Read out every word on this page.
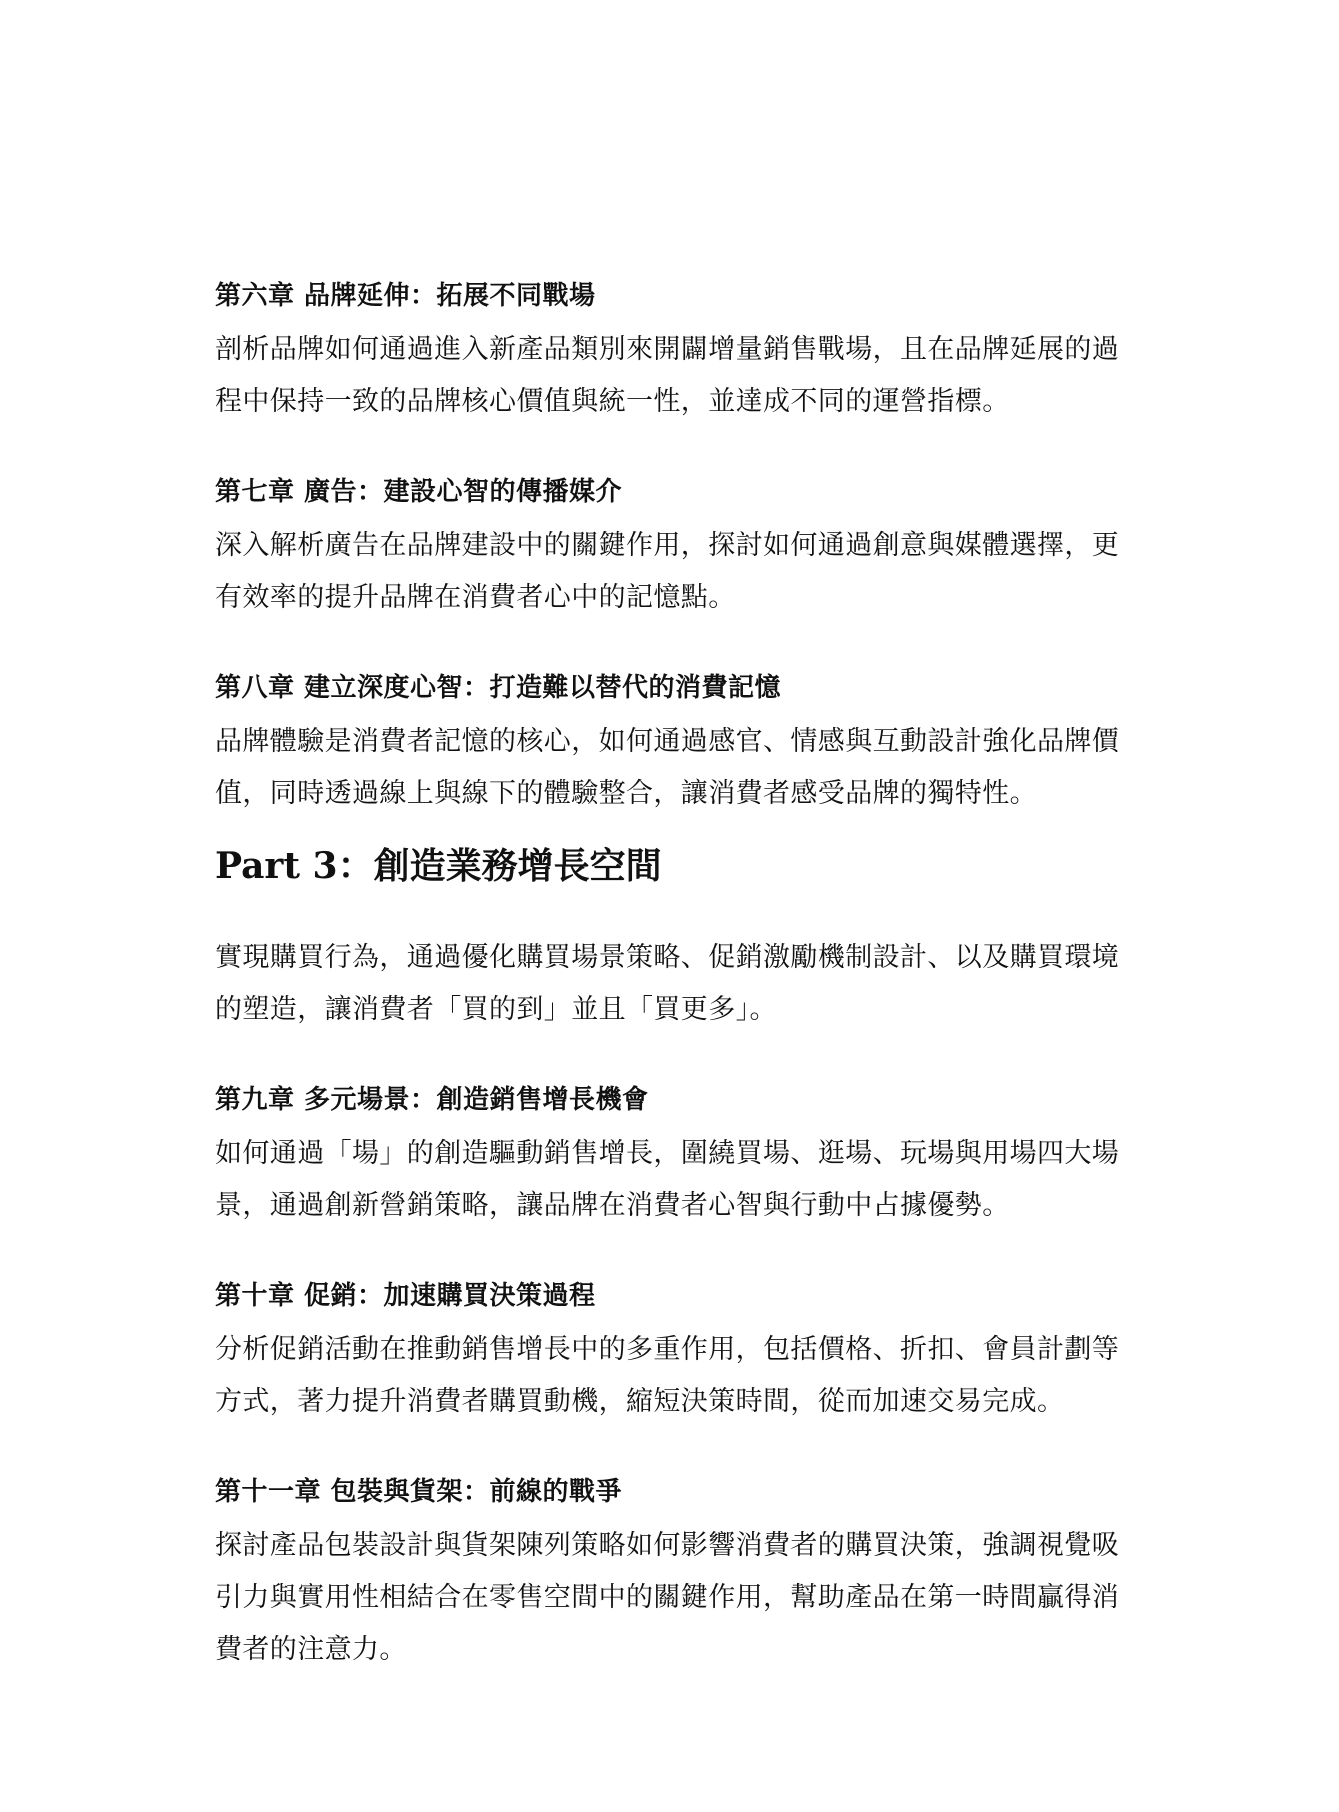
第六章 品牌延伸：拓展不同戰場

剖析品牌如何通過進入新產品類別來開闢增量銷售戰場，且在品牌延展的過程中保持一致的品牌核心價值與統一性，並達成不同的運營指標。

第七章 廣告：建設心智的傳播媒介

深入解析廣告在品牌建設中的關鍵作用，探討如何通過創意與媒體選擇，更有效率的提升品牌在消費者心中的記憶點。

第八章 建立深度心智：打造難以替代的消費記憶

品牌體驗是消費者記憶的核心，如何通過感官、情感與互動設計強化品牌價值，同時透過線上與線下的體驗整合，讓消費者感受品牌的獨特性。

Part 3：創造業務增長空間

實現購買行為，通過優化購買場景策略、促銷激勵機制設計、以及購買環境的塑造，讓消費者「買的到」並且「買更多」。

第九章 多元場景：創造銷售增長機會

如何通過「場」的創造驅動銷售增長，圍繞買場、逛場、玩場與用場四大場景，通過創新營銷策略，讓品牌在消費者心智與行動中占據優勢。

第十章 促銷：加速購買決策過程

分析促銷活動在推動銷售增長中的多重作用，包括價格、折扣、會員計劃等方式，著力提升消費者購買動機，縮短決策時間，從而加速交易完成。

第十一章 包裝與貨架：前線的戰爭

探討產品包裝設計與貨架陳列策略如何影響消費者的購買決策，強調視覺吸引力與實用性相結合在零售空間中的關鍵作用，幫助產品在第一時間贏得消費者的注意力。
